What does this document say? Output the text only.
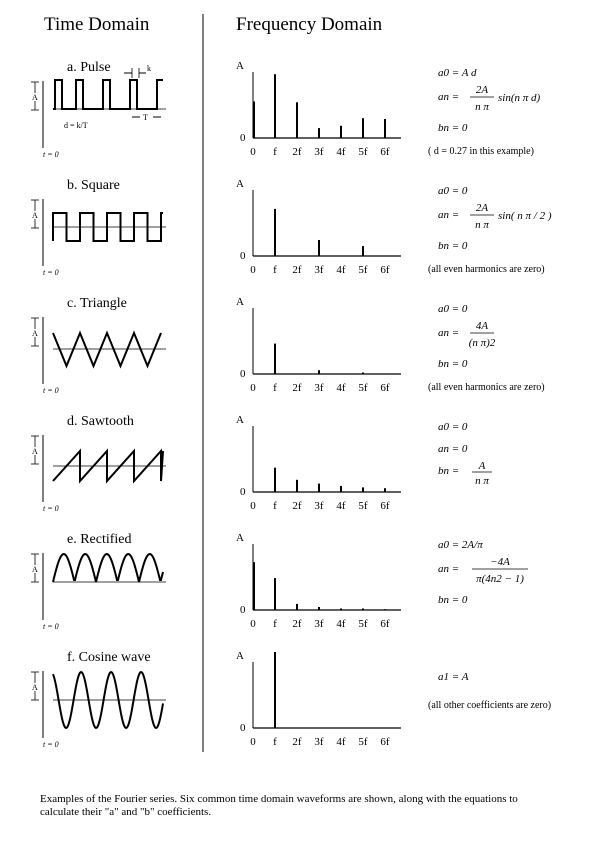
Time Domain	Frequency Domain
a. Pulse
A
t = 0
A
0
0 f 2f 3f 4f 5f 6f
a0 = A d
an =
2A
n π
sin(n π d)
bn = 0
( d = 0.27 in this example)
b. Square
A
t = 0
A
0
0 f 2f 3f 4f 5f 6f
a0 = 0
an =
2A
n π
sin( n π / 2 )
bn = 0
(all even harmonics are zero)
c. Triangle
A
t = 0
A
0
0 f 2f 3f 4f 5f 6f
a0 = 0
an =
4A
(n π)2
bn = 0
(all even harmonics are zero)
d. Sawtooth
A
t = 0
A
0
0 f 2f 3f 4f 5f 6f
a0 = 0
an = 0
bn = A
n π
e. Rectified
A
t = 0
A
0
0 f 2f 3f 4f 5f 6f
a0 = 2A/π
an =
−4A
π(4n2 − 1)
bn = 0
f. Cosine wave
A
t = 0
A
0
0 f 2f 3f 4f 5f 6f
a1 = A
(all other coefficients are zero)
k
T
d = k/T
Examples of the Fourier series. Six common time domain waveforms are shown, along with the equations to
calculate their "a" and "b" coefficients.
